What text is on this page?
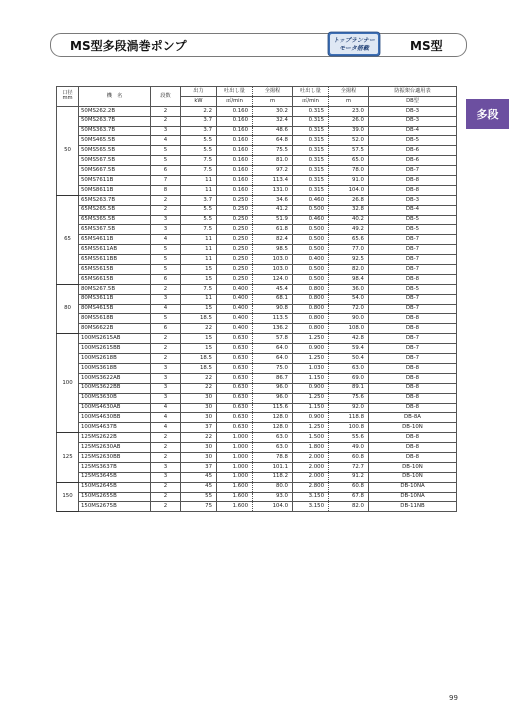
MS型多段渦巻ポンプ	トップランナー
モータ搭載	MS型
多段
口径
mm	機　名	段数	出力	吐出し量	全揚程	吐出し量	全揚程	防振架台適用表
			kW	㎥/min	m	㎥/min	m	DB型
50	50MS262.2B	2	2.2	0.160	30.2	0.315	23.0	DB-3
	50MS263.7B	2	3.7	0.160	32.4	0.315	26.0	DB-3
	50MS363.7B	3	3.7	0.160	48.6	0.315	39.0	DB-4
	50MS465.5B	4	5.5	0.160	64.8	0.315	52.0	DB-5
	50MS565.5B	5	5.5	0.160	75.5	0.315	57.5	DB-6
	50MS567.5B	5	7.5	0.160	81.0	0.315	65.0	DB-6
	50MS667.5B	6	7.5	0.160	97.2	0.315	78.0	DB-7
	50MS7611B	7	11	0.160	113.4	0.315	91.0	DB-8
	50MS8611B	8	11	0.160	131.0	0.315	104.0	DB-8
65	65MS263.7B	2	3.7	0.250	34.6	0.460	26.8	DB-3
	65MS265.5B	2	5.5	0.250	41.2	0.500	32.8	DB-4
	65MS365.5B	3	5.5	0.250	51.9	0.460	40.2	DB-5
	65MS367.5B	3	7.5	0.250	61.8	0.500	49.2	DB-5
	65MS4611B	4	11	0.250	82.4	0.500	65.6	DB-7
	65MS5611AB	5	11	0.250	98.5	0.500	77.0	DB-7
	65MS5611BB	5	11	0.250	103.0	0.400	92.5	DB-7
	65MS5615B	5	15	0.250	103.0	0.500	82.0	DB-7
	65MS6615B	6	15	0.250	124.0	0.500	98.4	DB-8
80	80MS267.5B	2	7.5	0.400	45.4	0.800	36.0	DB-5
	80MS3611B	3	11	0.400	68.1	0.800	54.0	DB-7
	80MS4615B	4	15	0.400	90.8	0.800	72.0	DB-7
	80MS5618B	5	18.5	0.400	113.5	0.800	90.0	DB-8
	80MS6622B	6	22	0.400	136.2	0.800	108.0	DB-8
100	100MS2615AB	2	15	0.630	57.8	1.250	42.8	DB-7
	100MS2615BB	2	15	0.630	64.0	0.900	59.4	DB-7
	100MS2618B	2	18.5	0.630	64.0	1.250	50.4	DB-7
	100MS3618B	3	18.5	0.630	75.0	1.030	63.0	DB-8
	100MS3622AB	3	22	0.630	86.7	1.150	69.0	DB-8
	100MS3622BB	3	22	0.630	96.0	0.900	89.1	DB-8
	100MS3630B	3	30	0.630	96.0	1.250	75.6	DB-8
	100MS4630AB	4	30	0.630	115.6	1.150	92.0	DB-8
	100MS4630BB	4	30	0.630	128.0	0.900	118.8	DB-8A
	100MS4637B	4	37	0.630	128.0	1.250	100.8	DB-10N
125	125MS2622B	2	22	1.000	63.0	1.500	55.6	DB-8
	125MS2630AB	2	30	1.000	63.0	1.800	49.0	DB-8
	125MS2630BB	2	30	1.000	78.8	2.000	60.8	DB-8
	125MS3637B	3	37	1.000	101.1	2.000	72.7	DB-10N
	125MS3645B	3	45	1.000	118.2	2.000	91.2	DB-10N
150	150MS2645B	2	45	1.600	80.0	2.800	60.8	DB-10NA
	150MS2655B	2	55	1.600	93.0	3.150	67.8	DB-10NA
	150MS2675B	2	75	1.600	104.0	3.150	82.0	DB-11NB
99
